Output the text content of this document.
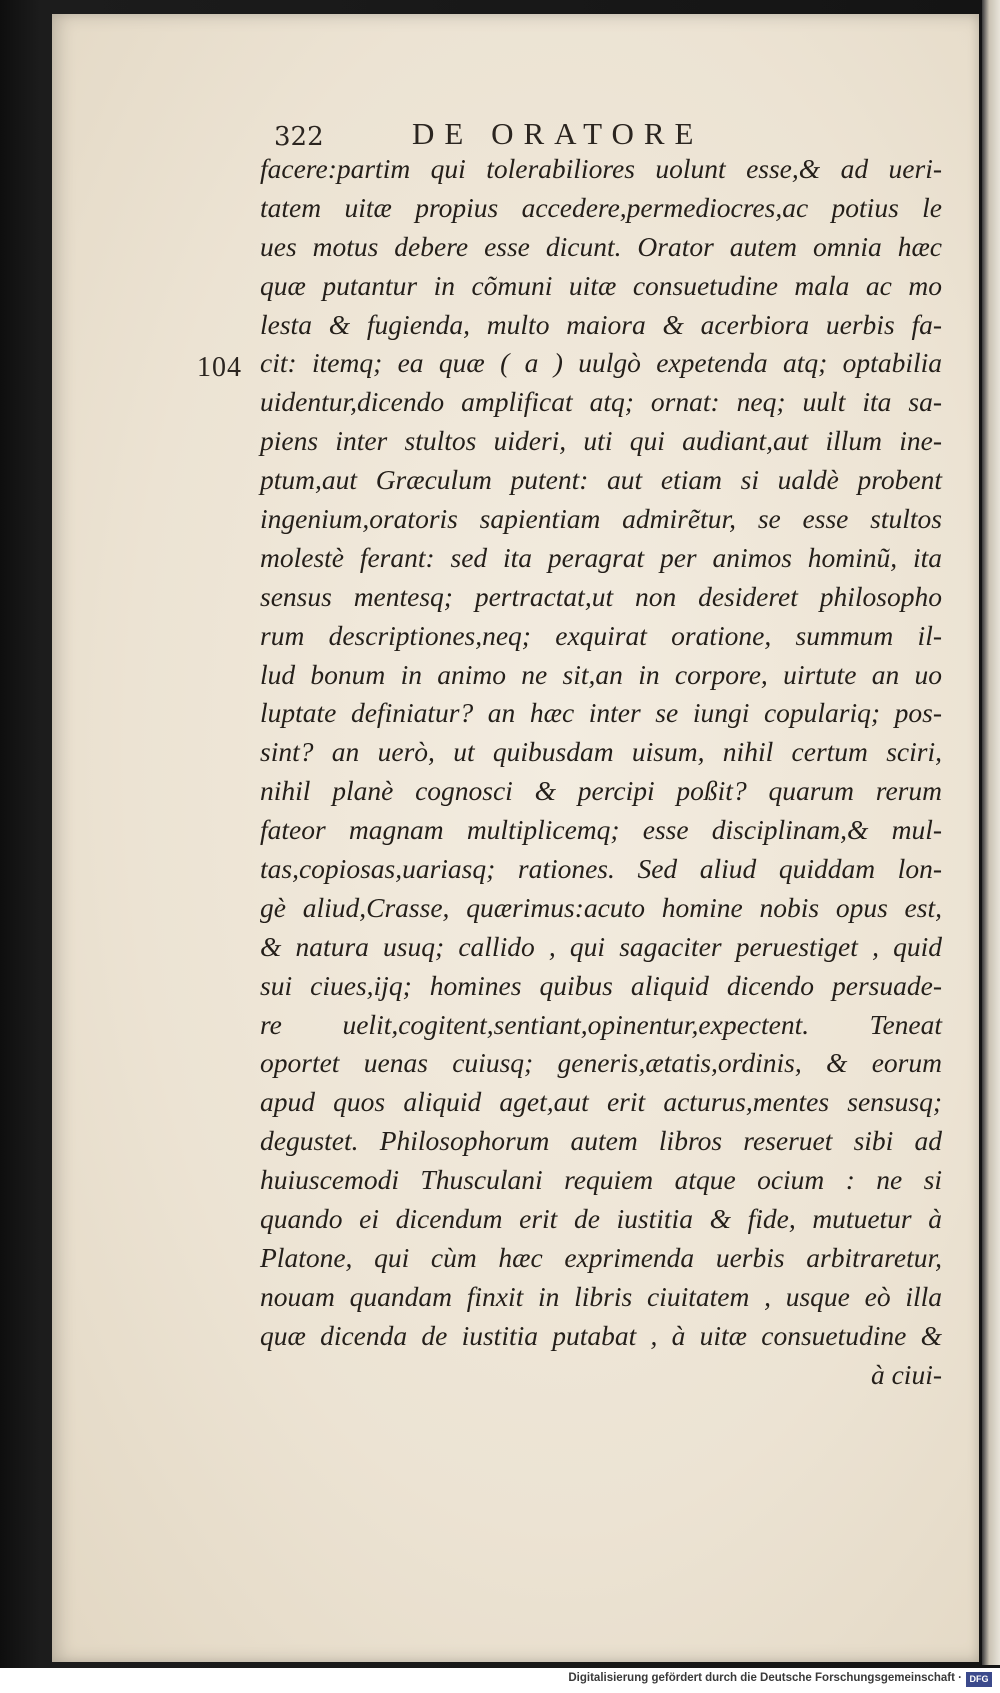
322	DE ORATORE
104
facere:partim qui tolerabiliores uolunt esse,& ad ueri-
tatem uitæ propius accedere,permediocres,ac potius le
ues motus debere esse dicunt. Orator autem omnia hæc
quæ putantur in cõmuni uitæ consuetudine mala ac mo
lesta & fugienda, multo maiora & acerbiora uerbis fa-
cit: itemq; ea quæ ( a ) uulgò expetenda atq; optabilia
uidentur,dicendo amplificat atq; ornat: neq; uult ita sa-
piens inter stultos uideri, uti qui audiant,aut illum ine-
ptum,aut Græculum putent: aut etiam si ualdè probent
ingenium,oratoris sapientiam admirẽtur, se esse stultos
molestè ferant: sed ita peragrat per animos hominũ, ita
sensus mentesq; pertractat,ut non desideret philosopho
rum descriptiones,neq; exquirat oratione, summum il-
lud bonum in animo ne sit,an in corpore, uirtute an uo
luptate definiatur? an hæc inter se iungi copulariq; pos-
sint? an uerò, ut quibusdam uisum, nihil certum sciri,
nihil planè cognosci & percipi poßit? quarum rerum
fateor magnam multiplicemq; esse disciplinam,& mul-
tas,copiosas,uariasq; rationes. Sed aliud quiddam lon-
gè aliud,Crasse, quærimus:acuto homine nobis opus est,
& natura usuq; callido , qui sagaciter peruestiget , quid
sui ciues,ijq; homines quibus aliquid dicendo persuade-
re uelit,cogitent,sentiant,opinentur,expectent. Teneat
oportet uenas cuiusq; generis,ætatis,ordinis, & eorum
apud quos aliquid aget,aut erit acturus,mentes sensusq;
degustet. Philosophorum autem libros reseruet sibi ad
huiuscemodi Thusculani requiem atque ocium : ne si
quando ei dicendum erit de iustitia & fide, mutuetur à
Platone, qui cùm hæc exprimenda uerbis arbitraretur,
nouam quandam finxit in libris ciuitatem , usque eò illa
quæ dicenda de iustitia putabat , à uitæ consuetudine &
à ciui-
Digitalisierung gefördert durch die Deutsche Forschungsgemeinschaft · DFG
